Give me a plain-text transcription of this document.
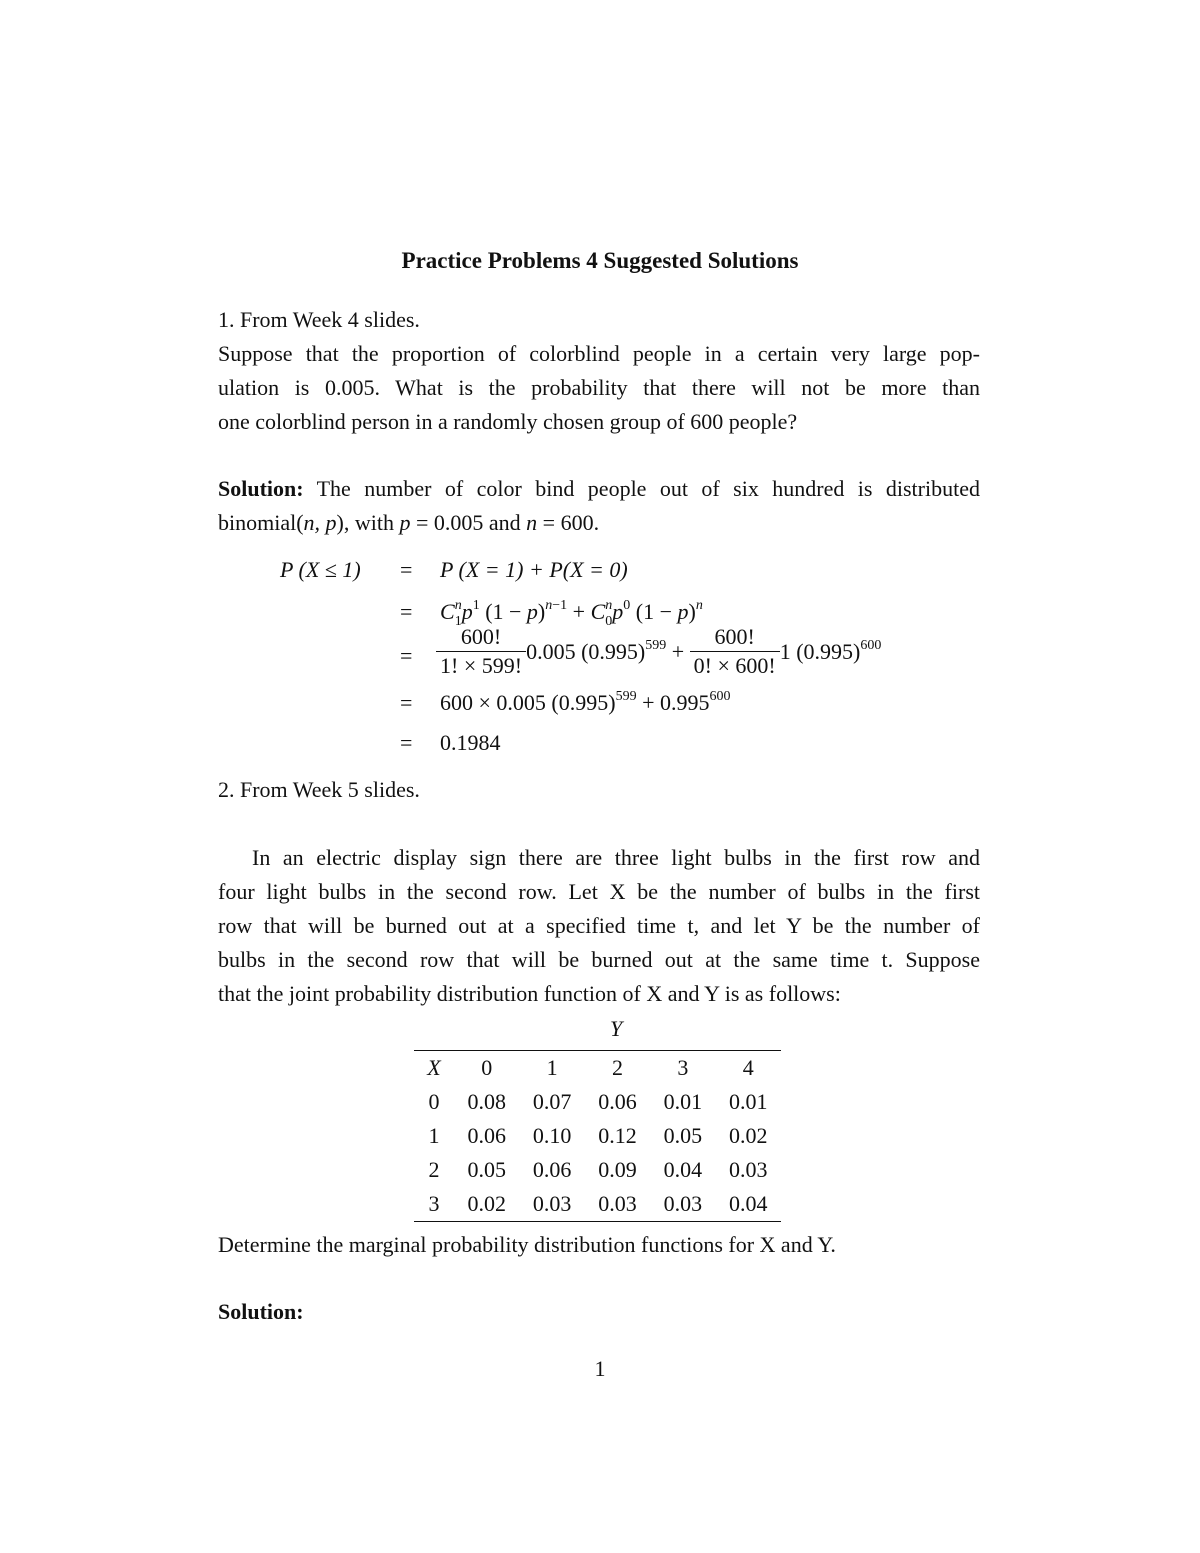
Practice Problems 4 Suggested Solutions
1. From Week 4 slides.
Suppose that the proportion of colorblind people in a certain very large pop-
ulation is 0.005. What is the probability that there will not be more than
one colorblind person in a randomly chosen group of 600 people?
Solution: The number of color bind people out of six hundred is distributed
binomial(n, p), with p = 0.005 and n = 600.
P (X ≤ 1) = P (X = 1) + P(X = 0)
= $C_1^np^1$ $(1 - p)^{n-1} + C_0^np^0$ $(1 - p)^n$
= $\frac{600!}{1! \times 599!} 0.005$ $(0.995)^{599} + \frac{600!}{0! \times 600!} 1$ $(0.995)^{600}$
= 600 × 0.005 $(0.995)^{599} + 0.995^{600}$
= 0.1984
2. From Week 5 slides.
In an electric display sign there are three light bulbs in the first row and
four light bulbs in the second row. Let X be the number of bulbs in the first
row that will be burned out at a specified time t, and let Y be the number of
bulbs in the second row that will be burned out at the same time t. Suppose
that the joint probability distribution function of X and Y is as follows:
Y
X	0	1	2	3	4
0	0.08	0.07	0.06	0.01	0.01
1	0.06	0.10	0.12	0.05	0.02
2	0.05	0.06	0.09	0.04	0.03
3	0.02	0.03	0.03	0.03	0.04
Determine the marginal probability distribution functions for X and Y.
Solution:
1
